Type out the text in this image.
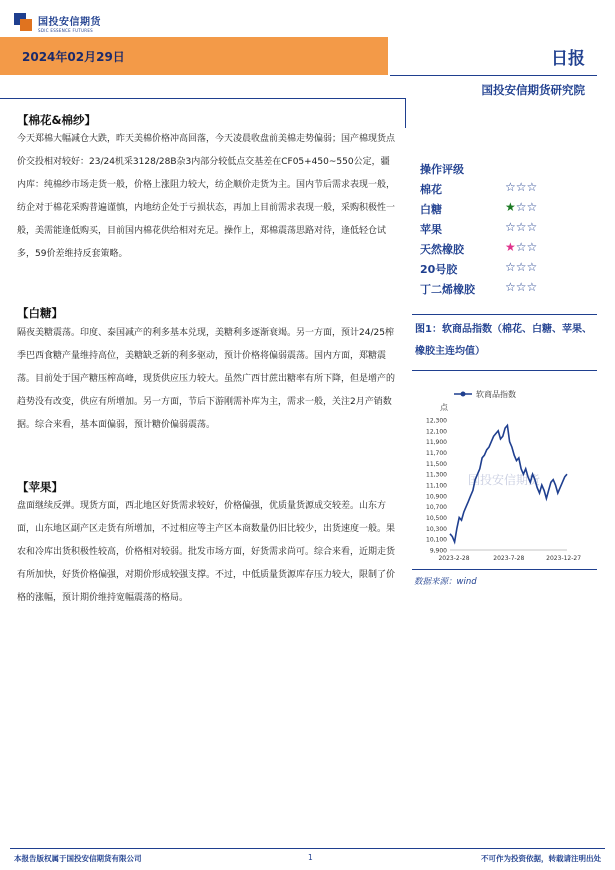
国投安信期货
SDIC ESSENCE FUTURES
2024年02月29日	日报
国投安信期货研究院
【棉花&棉纱】
今天郑棉大幅减仓大跌，昨天美棉价格冲高回落，今天凌晨收盘前美棉走势偏弱；国产棉现货点价交投相对较好：23/24机采3128/28B杂3内部分较低点交基差在CF05+450~550公定，疆内库：纯棉纱市场走货一般，价格上涨阻力较大，纺企顺价走货为主。国内节后需求表现一般，纺企对于棉花采购普遍谨慎，内地纺企处于亏损状态，再加上目前需求表现一般，采购积极性一般，美需能逢低购买，目前国内棉花供给相对充足。操作上，郑棉震荡思路对待，逢低轻仓试多，59价差维持反套策略。
【白糖】
隔夜美糖震荡。印度、泰国减产的利多基本兑现，美糖利多逐渐衰竭。另一方面，预计24/25榨季巴西食糖产量维持高位，美糖缺乏新的利多驱动，预计价格将偏弱震荡。国内方面，郑糖震荡。目前处于国产糖压榨高峰，现货供应压力较大。虽然广西甘蔗出糖率有所下降，但是增产的趋势没有改变，供应有所增加。另一方面，节后下游刚需补库为主，需求一般，关注2月产销数据。综合来看，基本面偏弱，预计糖价偏弱震荡。
【苹果】
盘面继续反弹。现货方面，西北地区好货需求较好，价格偏强，优质量货源成交较差。山东方面，山东地区副产区走货有所增加，不过相应等主产区本商数量仍旧比较少，出货速度一般。果农和冷库出货积极性较高，价格相对较弱。批发市场方面，好货需求尚可。综合来看，近期走货有所加快，好货价格偏强，对期价形成较强支撑。不过，中低质量货源库存压力较大，限制了价格的涨幅，预计期价维持宽幅震荡的格局。
操作评级
棉花	☆☆☆
白糖	★☆☆
苹果	☆☆☆
天然橡胶	★☆☆
20号胶	☆☆☆
丁二烯橡胶	☆☆☆
图1：软商品指数（棉花、白糖、苹果、橡胶主连均值）
软商品指数
点
国投安信期货
9,900
10,100
10,300
10,500
10,700
10,900
11,100
11,300
11,500
11,700
11,900
12,100
12,300
2023-2-28	2023-7-28	2023-12-27
数据来源：wind
本报告版权属于国投安信期货有限公司	1	不可作为投资依据，转载请注明出处
